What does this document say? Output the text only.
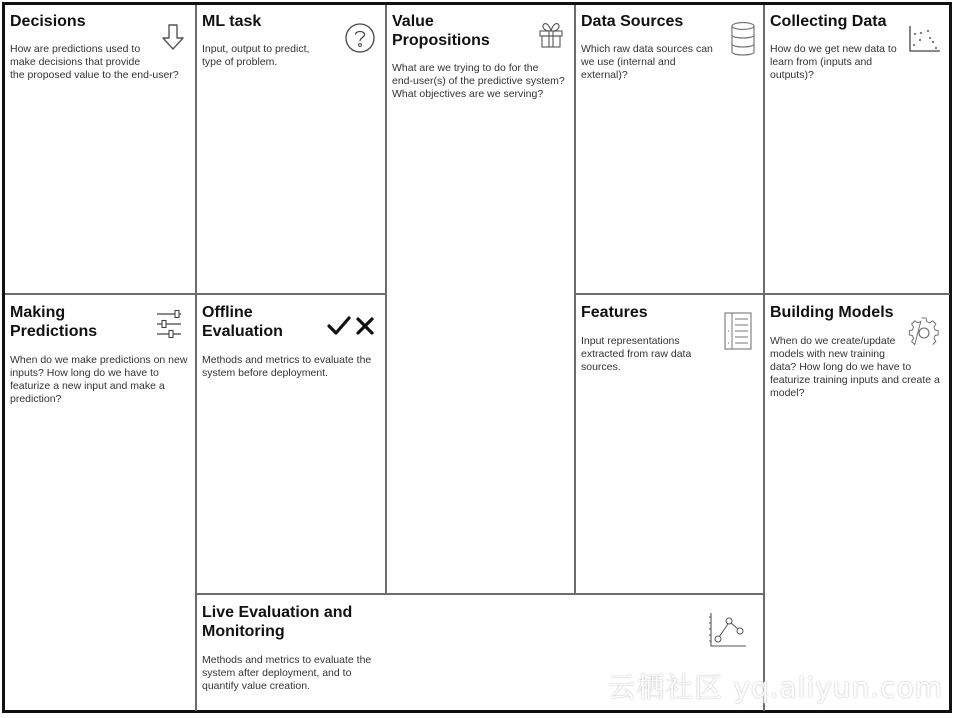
Decisions
How are predictions used to
make decisions that provide
the proposed value to the end-user?
ML task
Input, output to predict,
type of problem.
Value
Propositions
What are we trying to do for the
end-user(s) of the predictive system?
What objectives are we serving?
Data Sources
Which raw data sources can
we use (internal and
external)?
Collecting Data
How do we get new data to
learn from (inputs and
outputs)?
Making
Predictions
When do we make predictions on new
inputs? How long do we have to
featurize a new input and make a
prediction?
Offline
Evaluation
Methods and metrics to evaluate the
system before deployment.
Features
Input representations
extracted from raw data
sources.
Building Models
When do we create/update
models with new training
data? How long do we have to
featurize training inputs and create a
model?
Live Evaluation and
Monitoring
Methods and metrics to evaluate the
system after deployment, and to
quantify value creation.	云栖社区 yq.aliyun.com
